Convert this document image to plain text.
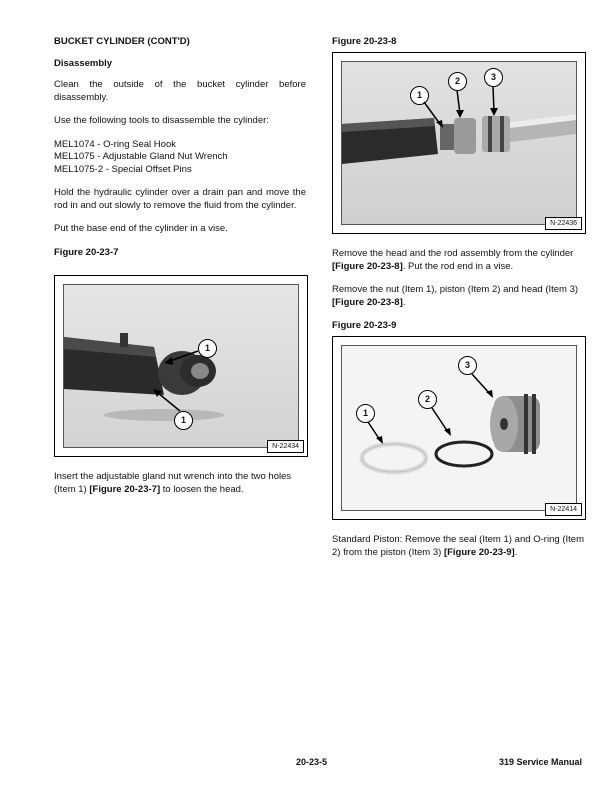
BUCKET CYLINDER (CONT'D)

Disassembly

Clean the outside of the bucket cylinder before disassembly.

Use the following tools to disassemble the cylinder:

MEL1074 - O-ring Seal Hook

MEL1075 - Adjustable Gland Nut Wrench

MEL1075-2 - Special Offset Pins

Hold the hydraulic cylinder over a drain pan and move the rod in and out slowly to remove the fluid from the cylinder.

Put the base end of the cylinder in a vise.

Figure 20-23-7

1
1
N-22434

Insert the adjustable gland nut wrench into the two holes (Item 1) [Figure 20-23-7] to loosen the head.

Figure 20-23-8

1
2	3
N-22436

Remove the head and the rod assembly from the cylinder [Figure 20-23-8]. Put the rod end in a vise.

Remove the nut (Item 1), piston (Item 2) and head (Item 3) [Figure 20-23-8].

Figure 20-23-9

1
2
3
N-22414

Standard Piston: Remove the seal (Item 1) and O-ring (Item 2) from the piston (Item 3) [Figure 20-23-9].

20-23-5	319 Service Manual
